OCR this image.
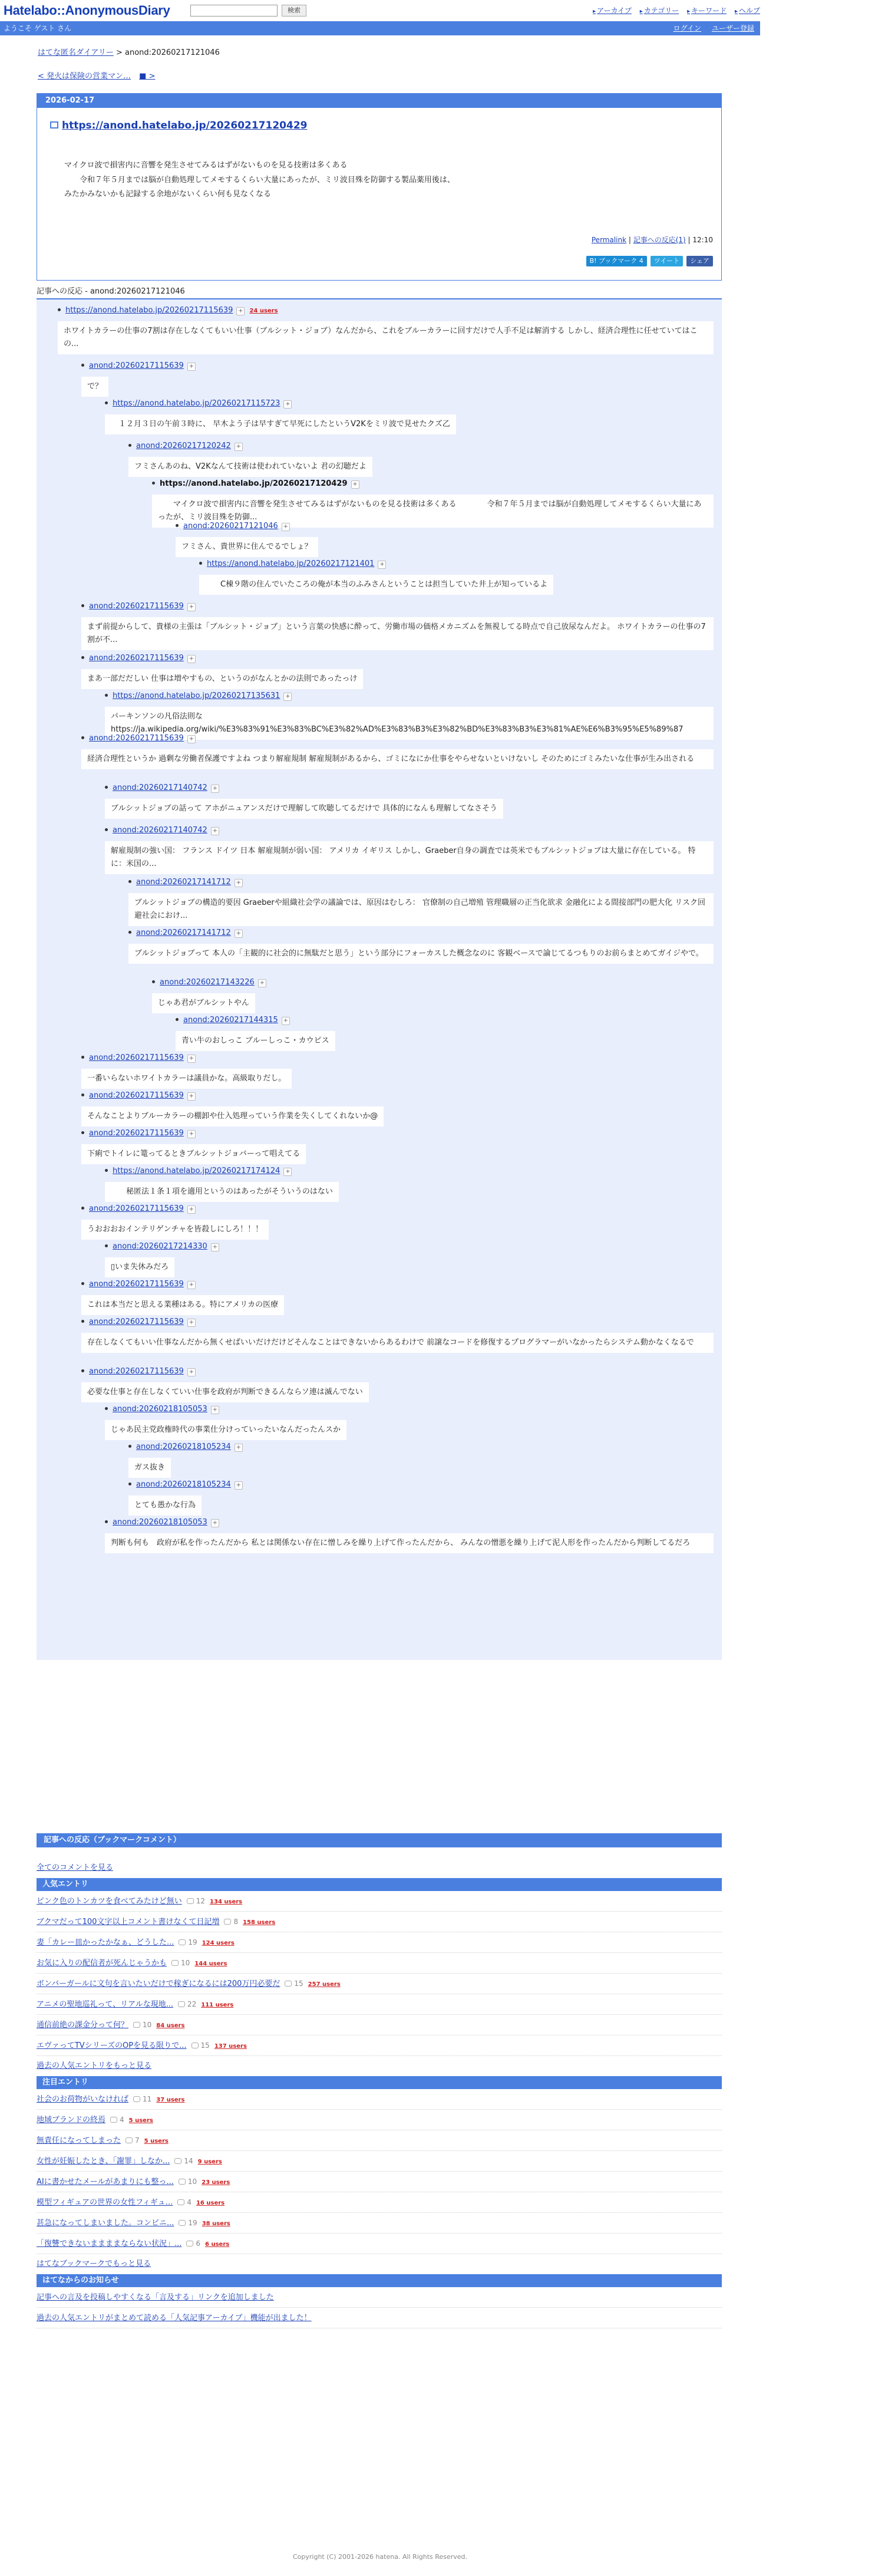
Hatelabo::AnonymousDiary	検索	▸ アーカイブ ▸ カテゴリー ▸ キーワード ▸ ヘルプ
ようこそ ゲスト さん	ログイン ユーザー登録
はてな匿名ダイアリー > anond:20260217121046
< 発火は保険の営業マン… ■ >
2026-02-17
https://anond.hatelabo.jp/20260217120429

マイクロ波で損害内に音響を発生させてみるはずがないものを見る技術は多くある

　　令和７年５月までは脳が自動処理してメモするくらい大量にあったが、ミリ波目殊を防御する製品薬用後は、

みたかみないかも記録する余地がないくらい何も見なくなる

Permalink | 記事への反応(1) | 12:10
B! ブックマーク 4 ツイート シェア
記事への反応 - anond:20260217121046
https://anond.hatelabo.jp/20260217115639 + 24 users
ホワイトカラーの仕事の7割は存在しなくてもいい仕事（ブルシット・ジョブ）なんだから、これをブルーカラーに回すだけで人手不足は解消する しかし、経済合理性に任せていてはこの...
anond:20260217115639 +
で？
https://anond.hatelabo.jp/20260217115723 +
　１２月３日の午前３時に、 早木よう子は早すぎて早死にしたというV2Kをミリ波で見せたクズ乙
anond:20260217120242 +
フミさんあのね、V2Kなんて技術は使われていないよ 君の幻聴だよ
https://anond.hatelabo.jp/20260217120429 +
　　マイクロ波で損害内に音響を発生させてみるはずがないものを見る技術は多くある　　　　令和７年５月までは脳が自動処理してメモするくらい大量にあったが、ミリ波目殊を防御...
anond:20260217121046 +
フミさん、貴世界に住んでるでしょ？
https://anond.hatelabo.jp/20260217121401 +
　　C棟９階の住んでいたころの俺が本当のふみさんということは担当していた井上が知っているよ
anond:20260217115639 +
まず前提からして、貴様の主張は「ブルシット・ジョブ」という言葉の快感に酔って、労働市場の価格メカニズムを無視してる時点で自己放尿なんだよ。 ホワイトカラーの仕事の7割が不...
anond:20260217115639 +
まあ一部だだしい 仕事は増やすもの、というのがなんとかの法則であったっけ
https://anond.hatelabo.jp/20260217135631 +
パーキンソンの凡俗法則な https://ja.wikipedia.org/wiki/%E3%83%91%E3%83%BC%E3%82%AD%E3%83%B3%E3%82%BD%E3%83%B3%E3%81%AE%E6%B3%95%E5%89%87
anond:20260217115639 +
経済合理性というか 過剰な労働者保護ですよね つまり解雇規制 解雇規制があるから、ゴミになにか仕事をやらせないといけないし そのためにゴミみたいな仕事が生み出される
anond:20260217140742 +
ブルシットジョブの話って アホがニュアンスだけで理解して吹聴してるだけで 具体的になんも理解してなさそう
anond:20260217140742 +
解雇規制の強い国： フランス ドイツ 日本 解雇規制が弱い国： アメリカ イギリス しかし、Graeber自身の調査では英米でもブルシットジョブは大量に存在している。 特に：米国の...
anond:20260217141712 +
ブルシットジョブの構造的要因 Graeberや組織社会学の議論では、原因はむしろ： 官僚制の自己増殖 管理職層の正当化欲求 金融化による間接部門の肥大化 リスク回避社会におけ...
anond:20260217141712 +
ブルシットジョブって 本人の「主観的に社会的に無駄だと思う」という部分にフォーカスした概念なのに 客観ベースで論じてるつもりのお前らまとめてガイジやで。
anond:20260217143226 +
じゃあ君がブルシットやん
anond:20260217144315 +
青い牛のおしっこ ブルーしっこ・カウピス
anond:20260217115639 +
一番いらないホワイトカラーは議員かな。高級取りだし。
anond:20260217115639 +
そんなことよりブルーカラーの棚卸や仕入処理っていう作業を失くしてくれないか@
anond:20260217115639 +
下痢でトイレに篭ってるときブルシットジョバーって唱えてる
https://anond.hatelabo.jp/20260217174124 +
　　秘匿法１条１項を適用というのはあったがそういうのはない
anond:20260217115639 +
うおおおおインテリゲンチャを皆殺しにしろ！！！
anond:20260217214330 +
▯いま失休みだろ
anond:20260217115639 +
これは本当だと思える業種はある。特にアメリカの医療
anond:20260217115639 +
存在しなくてもいい仕事なんだから無くせばいいだけだけどそんなことはできないからあるわけで 前譲なコードを修復するプログラマーがいなかったらシステム動かなくなるで
anond:20260217115639 +
必要な仕事と存在しなくていい仕事を政府が判断できるんならソ連は滅んでない
anond:20260218105053 +
じゃあ民主党政権時代の事業仕分けっていったいなんだったんスか
anond:20260218105234 +
ガス抜き
anond:20260218105234 +
とても愚かな行為
anond:20260218105053 +
判断も何も　政府が私を作ったんだから 私とは関係ない存在に憎しみを繰り上げて作ったんだから、 みんなの憎悪を繰り上げて泥人形を作ったんだから判断してるだろ
記事への反応（ブックマークコメント）
全てのコメントを見る
人気エントリ
ピンク色のトンカツを食べてみたけど無い 12 134 users
ブクマだって100文字以上コメント書けなくて日記増 8 158 users
妻「カレー皿かったかなぁ、どうした... 19 124 users
お気に入りの配信者が死んじゃうかも 10 144 users
ボンバーガールに文句を言いたいだけで稼ぎになるには200万円必要だ 15 257 users
アニメの聖地巡礼って、リアルな現地... 22 111 users
通信前絶の課金分って何？ 10 84 users
エヴァってTVシリーズのOPを見る限りで... 15 137 users
過去の人気エントリをもっと見る
注目エントリ
社会のお荷物がいなければ 11 37 users
地域ブランドの終焉 4 5 users
無責任になってしまった 7 5 users
女性が妊娠したとき、「謝罪」しなか... 14 9 users
AIに書かせたメールがあまりにも整っ... 10 23 users
模型フィギュアの世界の女性フィギュ... 4 16 users
甚急になってしまいました。コンビニ... 19 38 users
「復讐できないままままならない状況」... 6 6 users
はてなブックマークでもっと見る
はてなからのお知らせ
記事への言及を投稿しやすくなる「言及する」リンクを追加しました
過去の人気エントリがまとめて読める「人気記事アーカイブ」機能が出ました！
Copyright (C) 2001-2026 hatena. All Rights Reserved.
